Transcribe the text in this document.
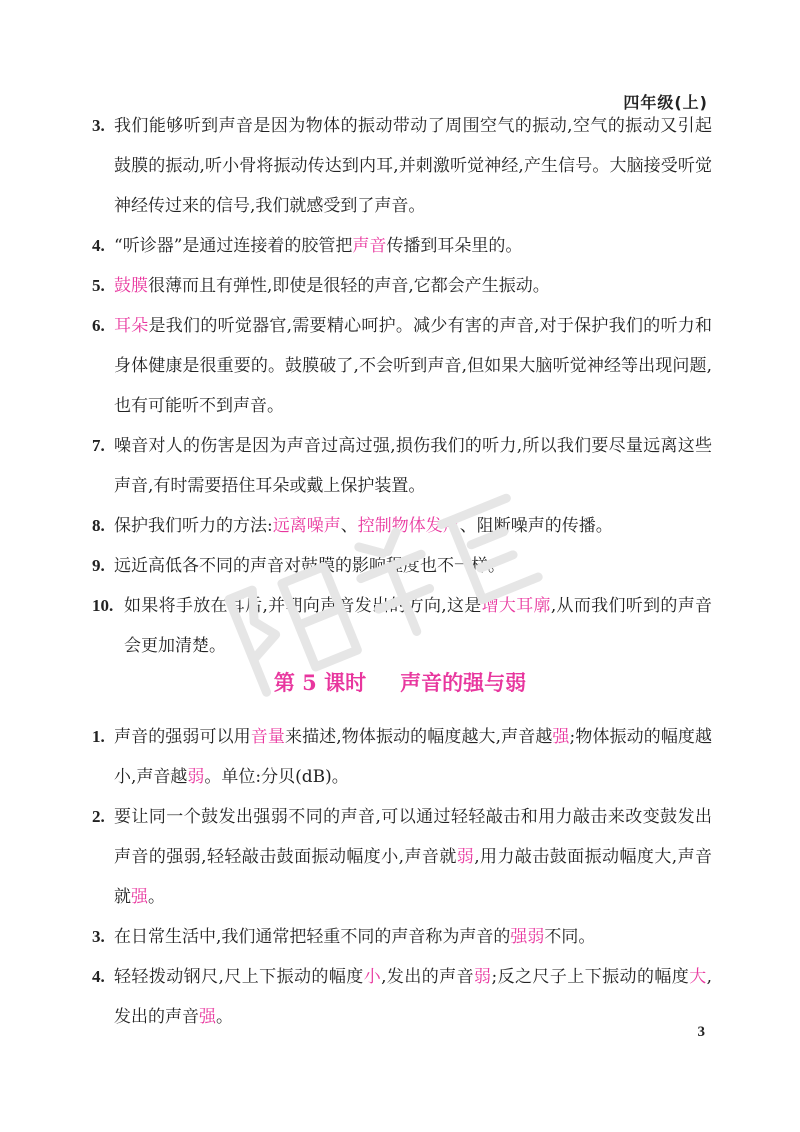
四年级(上)
3. 我们能够听到声音是因为物体的振动带动了周围空气的振动,空气的振动又引起鼓膜的振动,听小骨将振动传达到内耳,并刺激听觉神经,产生信号。大脑接受听觉神经传过来的信号,我们就感受到了声音。
4. “听诊器”是通过连接着的胶管把声音传播到耳朵里的。
5. 鼓膜很薄而且有弹性,即使是很轻的声音,它都会产生振动。
6. 耳朵是我们的听觉器官,需要精心呵护。减少有害的声音,对于保护我们的听力和身体健康是很重要的。鼓膜破了,不会听到声音,但如果大脑听觉神经等出现问题,也有可能听不到声音。
7. 噪音对人的伤害是因为声音过高过强,损伤我们的听力,所以我们要尽量远离这些声音,有时需要捂住耳朵或戴上保护装置。
8. 保护我们听力的方法:远离噪声、控制物体发声、阻断噪声的传播。
9. 远近高低各不同的声音对鼓膜的影响程度也不一样。
10. 如果将手放在耳后,并朝向声音发出的方向,这是增大耳廓,从而我们听到的声音会更加清楚。
第 5 课时 声音的强与弱
1. 声音的强弱可以用音量来描述,物体振动的幅度越大,声音越强;物体振动的幅度越小,声音越弱。单位:分贝(dB)。
2. 要让同一个鼓发出强弱不同的声音,可以通过轻轻敲击和用力敲击来改变鼓发出声音的强弱,轻轻敲击鼓面振动幅度小,声音就弱,用力敲击鼓面振动幅度大,声音就强。
3. 在日常生活中,我们通常把轻重不同的声音称为声音的强弱不同。
4. 轻轻拨动钢尺,尺上下振动的幅度小,发出的声音弱;反之尺子上下振动的幅度大,发出的声音强。
3
